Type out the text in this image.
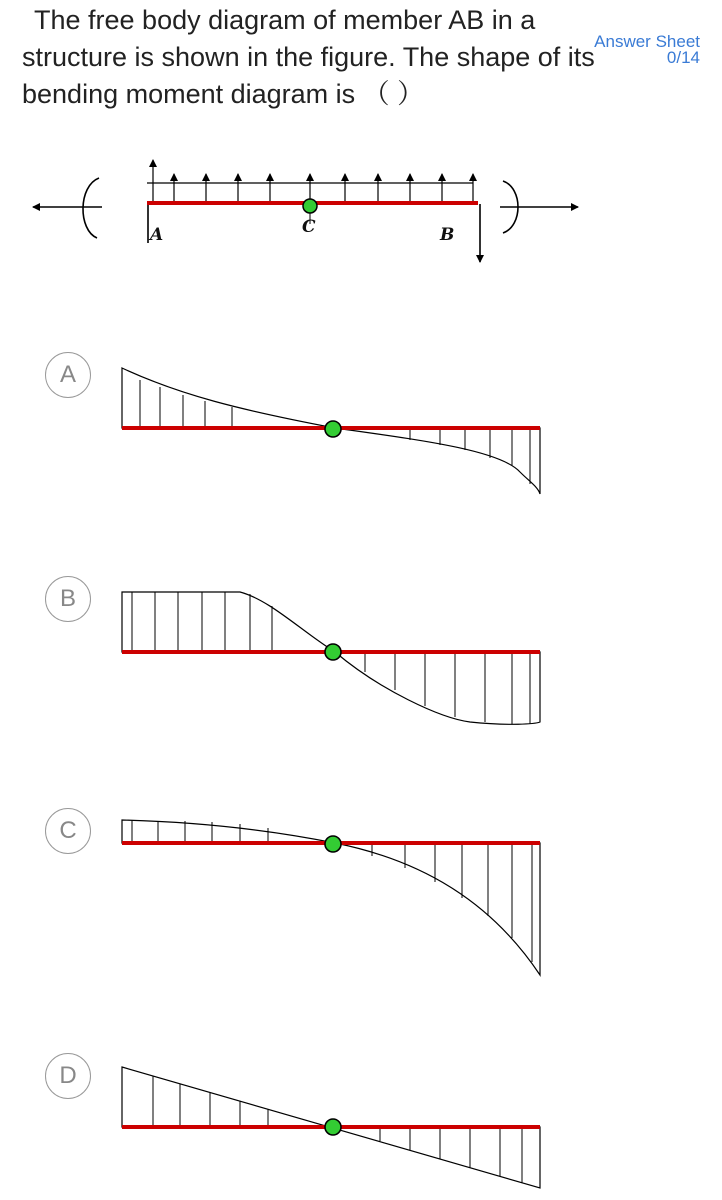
The free body diagram of member AB in a
structure is shown in the figure. The shape of its
bending moment diagram is （ ）
Answer Sheet
0/14
A	C	B
A
B
C
D
